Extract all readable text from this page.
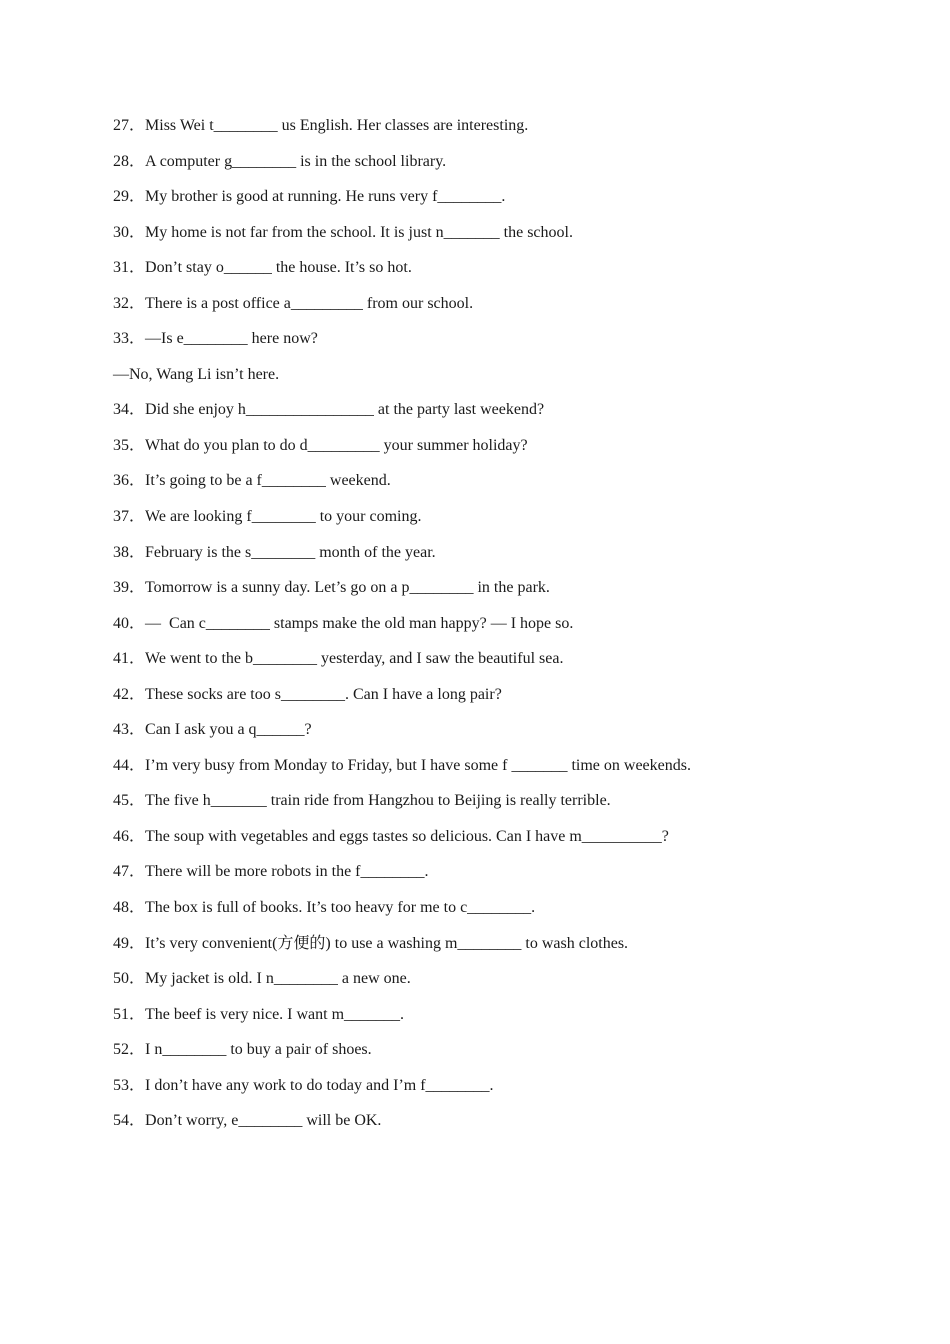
27．Miss Wei t________ us English. Her classes are interesting.
28．A computer g________ is in the school library.
29．My brother is good at running. He runs very f________.
30．My home is not far from the school. It is just n_______ the school.
31．Don’t stay o______ the house. It’s so hot.
32．There is a post office a_________ from our school.
33．—Is e________ here now?
—No, Wang Li isn’t here.
34．Did she enjoy h________________ at the party last weekend?
35．What do you plan to do d_________ your summer holiday?
36．It’s going to be a f________ weekend.
37．We are looking f________ to your coming.
38．February is the s________ month of the year.
39．Tomorrow is a sunny day. Let’s go on a p________ in the park.
40．—  Can c________ stamps make the old man happy? — I hope so.
41．We went to the b________ yesterday, and I saw the beautiful sea.
42．These socks are too s________. Can I have a long pair?
43．Can I ask you a q______?
44．I’m very busy from Monday to Friday, but I have some f _______ time on weekends.
45．The five h_______ train ride from Hangzhou to Beijing is really terrible.
46．The soup with vegetables and eggs tastes so delicious. Can I have m__________?
47．There will be more robots in the f________.
48．The box is full of books. It’s too heavy for me to c________.
49．It’s very convenient(方便的) to use a washing m________ to wash clothes.
50．My jacket is old. I n________ a new one.
51．The beef is very nice. I want m_______.
52．I n________ to buy a pair of shoes.
53．I don’t have any work to do today and I’m f________.
54．Don’t worry, e________ will be OK.
